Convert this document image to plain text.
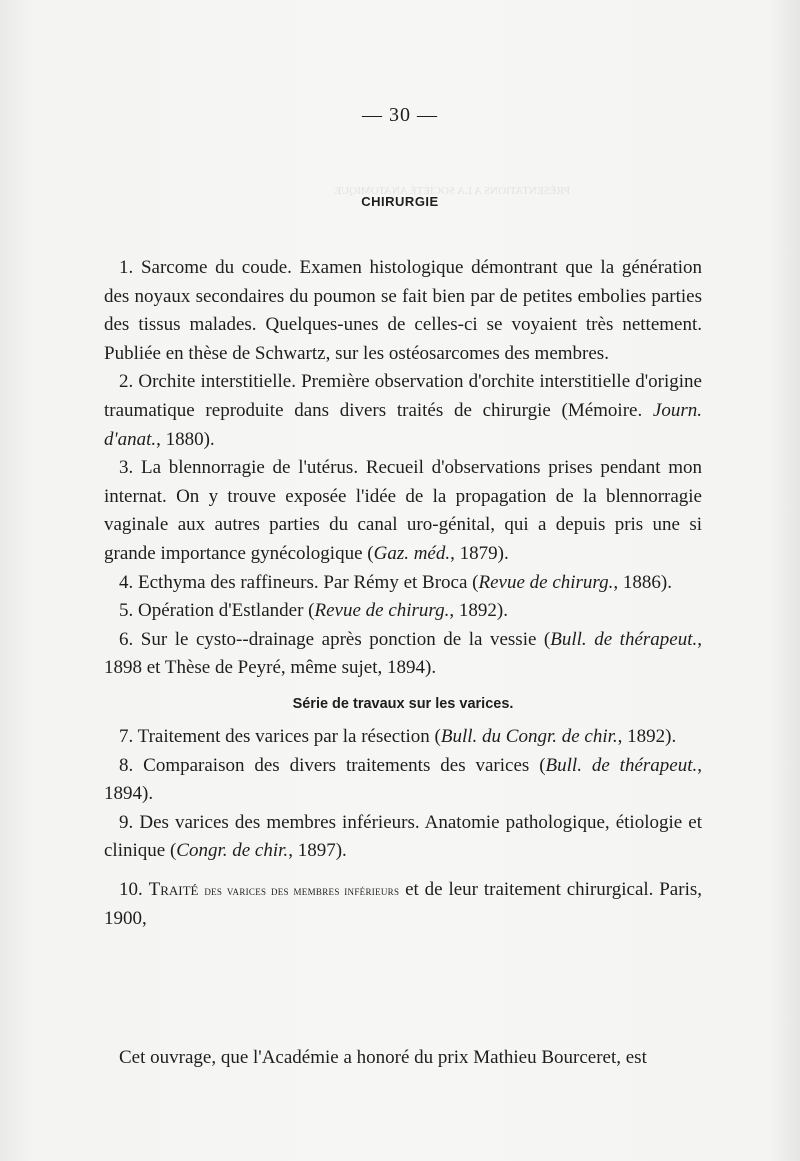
PRÉSENTATIONS A LA SOCIÉTÉ ANATOMIQUE
— 30 —
CHIRURGIE

1. Sarcome du coude. Examen histologique démontrant que la génération des noyaux secondaires du poumon se fait bien par de petites embolies parties des tissus malades. Quelques-unes de celles-ci se voyaient très nettement. Publiée en thèse de Schwartz, sur les ostéosarcomes des membres.

2. Orchite interstitielle. Première observation d'orchite interstitielle d'origine traumatique reproduite dans divers traités de chirurgie (Mémoire. Journ. d'anat., 1880).

3. La blennorragie de l'utérus. Recueil d'observations prises pendant mon internat. On y trouve exposée l'idée de la propagation de la blennorragie vaginale aux autres parties du canal uro-génital, qui a depuis pris une si grande importance gynécologique (Gaz. méd., 1879).

4. Ecthyma des raffineurs. Par Rémy et Broca (Revue de chirurg., 1886).

5. Opération d'Estlander (Revue de chirurg., 1892).

6. Sur le cysto--drainage après ponction de la vessie (Bull. de thérapeut., 1898 et Thèse de Peyré, même sujet, 1894).

Série de travaux sur les varices.

7. Traitement des varices par la résection (Bull. du Congr. de chir., 1892).

8. Comparaison des divers traitements des varices (Bull. de thérapeut., 1894).

9. Des varices des membres inférieurs. Anatomie pathologique, étiologie et clinique (Congr. de chir., 1897).

10. Traité des varices des membres inférieurs et de leur traitement chirurgical. Paris, 1900,

Cet ouvrage, que l'Académie a honoré du prix Mathieu Bourceret, est
